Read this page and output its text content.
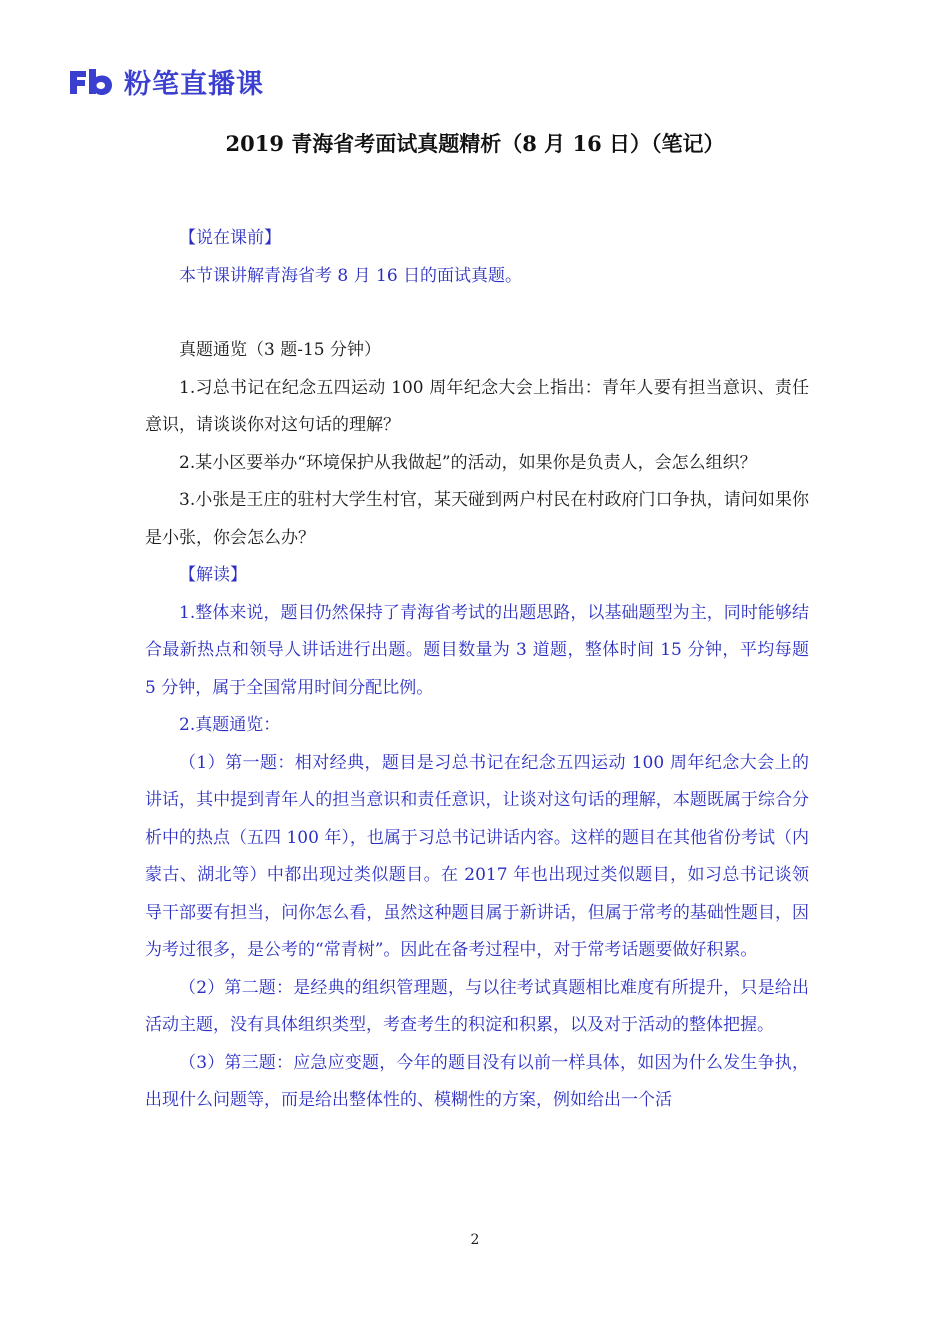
粉笔直播课
2019 青海省考面试真题精析（8 月 16 日）（笔记）

【说在课前】

本节课讲解青海省考 8 月 16 日的面试真题。

真题通览（3 题-15 分钟）

1.习总书记在纪念五四运动 100 周年纪念大会上指出：青年人要有担当意识、责任意识，请谈谈你对这句话的理解？

2.某小区要举办“环境保护从我做起”的活动，如果你是负责人，会怎么组织？

3.小张是王庄的驻村大学生村官，某天碰到两户村民在村政府门口争执，请问如果你是小张，你会怎么办？

【解读】

1.整体来说，题目仍然保持了青海省考试的出题思路，以基础题型为主，同时能够结合最新热点和领导人讲话进行出题。题目数量为 3 道题，整体时间 15 分钟，平均每题 5 分钟，属于全国常用时间分配比例。

2.真题通览：

（1）第一题：相对经典，题目是习总书记在纪念五四运动 100 周年纪念大会上的讲话，其中提到青年人的担当意识和责任意识，让谈对这句话的理解，本题既属于综合分析中的热点（五四 100 年），也属于习总书记讲话内容。这样的题目在其他省份考试（内蒙古、湖北等）中都出现过类似题目。在 2017 年也出现过类似题目，如习总书记谈领导干部要有担当，问你怎么看，虽然这种题目属于新讲话，但属于常考的基础性题目，因为考过很多，是公考的“常青树”。因此在备考过程中，对于常考话题要做好积累。

（2）第二题：是经典的组织管理题，与以往考试真题相比难度有所提升，只是给出活动主题，没有具体组织类型，考查考生的积淀和积累，以及对于活动的整体把握。

（3）第三题：应急应变题，今年的题目没有以前一样具体，如因为什么发生争执，出现什么问题等，而是给出整体性的、模糊性的方案，例如给出一个活

2
